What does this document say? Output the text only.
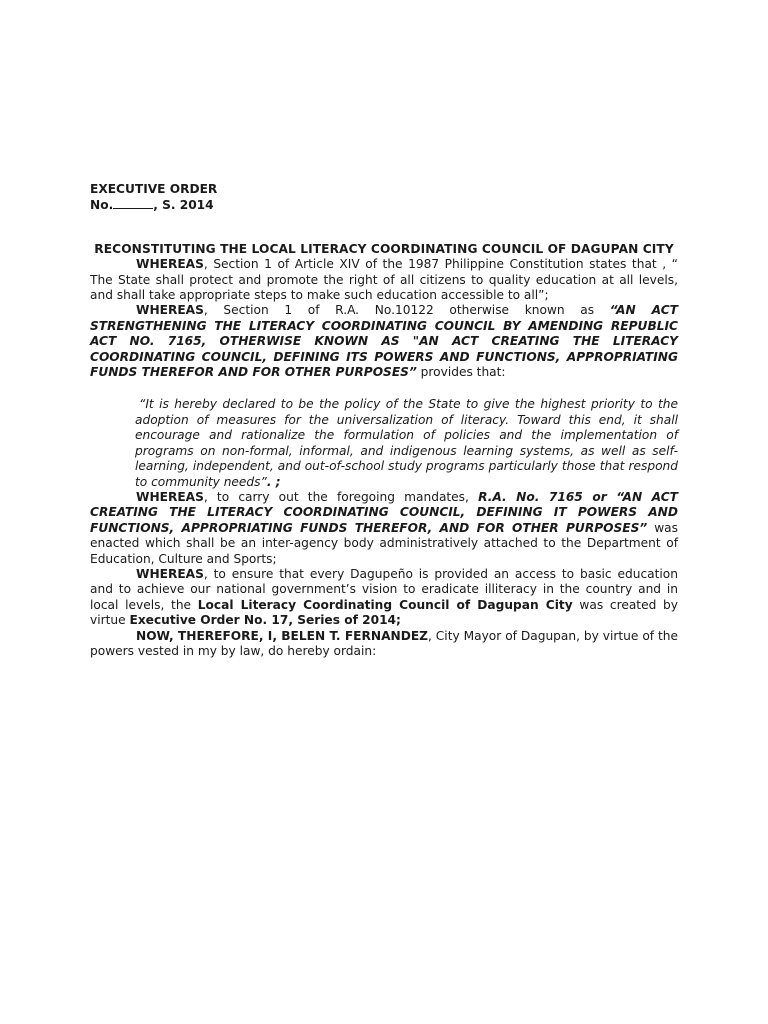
EXECUTIVE ORDER
No.	, S. 2014
RECONSTITUTING THE LOCAL LITERACY COORDINATING COUNCIL OF DAGUPAN CITY

WHEREAS, Section 1 of Article XIV of the 1987 Philippine Constitution states that , “ The State shall protect and promote the right of all citizens to quality education at all levels, and shall take appropriate steps to make such education accessible to all”;

WHEREAS, Section 1 of R.A. No.10122 otherwise known as “AN ACT STRENGTHENING THE LITERACY COORDINATING COUNCIL BY AMENDING REPUBLIC ACT NO. 7165, OTHERWISE KNOWN AS "AN ACT CREATING THE LITERACY COORDINATING COUNCIL, DEFINING ITS POWERS AND FUNCTIONS, APPROPRIATING FUNDS THEREFOR AND FOR OTHER PURPOSES” provides that:

“It is hereby declared to be the policy of the State to give the highest priority to the adoption of measures for the universalization of literacy. Toward this end, it shall encourage and rationalize the formulation of policies and the implementation of programs on non-formal, informal, and indigenous learning systems, as well as self-learning, independent, and out-of-school study programs particularly those that respond to community needs”. ;

WHEREAS, to carry out the foregoing mandates, R.A. No. 7165 or “AN ACT CREATING THE LITERACY COORDINATING COUNCIL, DEFINING IT POWERS AND FUNCTIONS, APPROPRIATING FUNDS THEREFOR, AND FOR OTHER PURPOSES” was enacted which shall be an inter-agency body administratively attached to the Department of Education, Culture and Sports;

WHEREAS, to ensure that every Dagupeño is provided an access to basic education and to achieve our national government’s vision to eradicate illiteracy in the country and in local levels, the Local Literacy Coordinating Council of Dagupan City was created by virtue Executive Order No. 17, Series of 2014;

NOW, THEREFORE, I, BELEN T. FERNANDEZ, City Mayor of Dagupan, by virtue of the powers vested in my by law, do hereby ordain:
